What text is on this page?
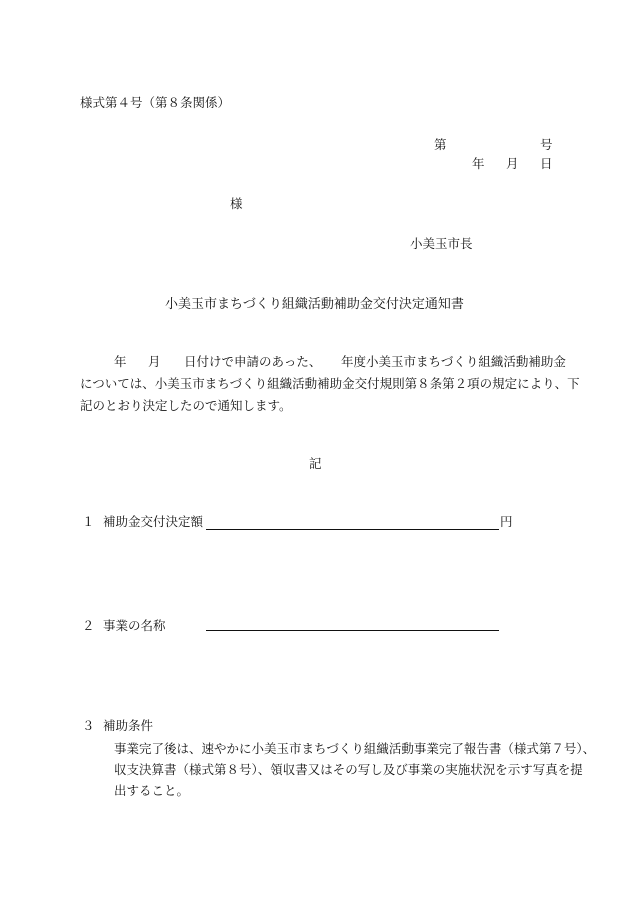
様式第４号（第８条関係）
第	号
年 月 日
様
小美玉市長
小美玉市まちづくり組織活動補助金交付決定通知書
年 月 日付けで申請のあった、 年度小美玉市まちづくり組織活動補助金
については、小美玉市まちづくり組織活動補助金交付規則第８条第２項の規定により、下
記のとおり決定したので通知します。
記
１ 補助金交付決定額	円
２ 事業の名称
３ 補助条件
事業完了後は、速やかに小美玉市まちづくり組織活動事業完了報告書（様式第７号）、
収支決算書（様式第８号）、領収書又はその写し及び事業の実施状況を示す写真を提
出すること。
